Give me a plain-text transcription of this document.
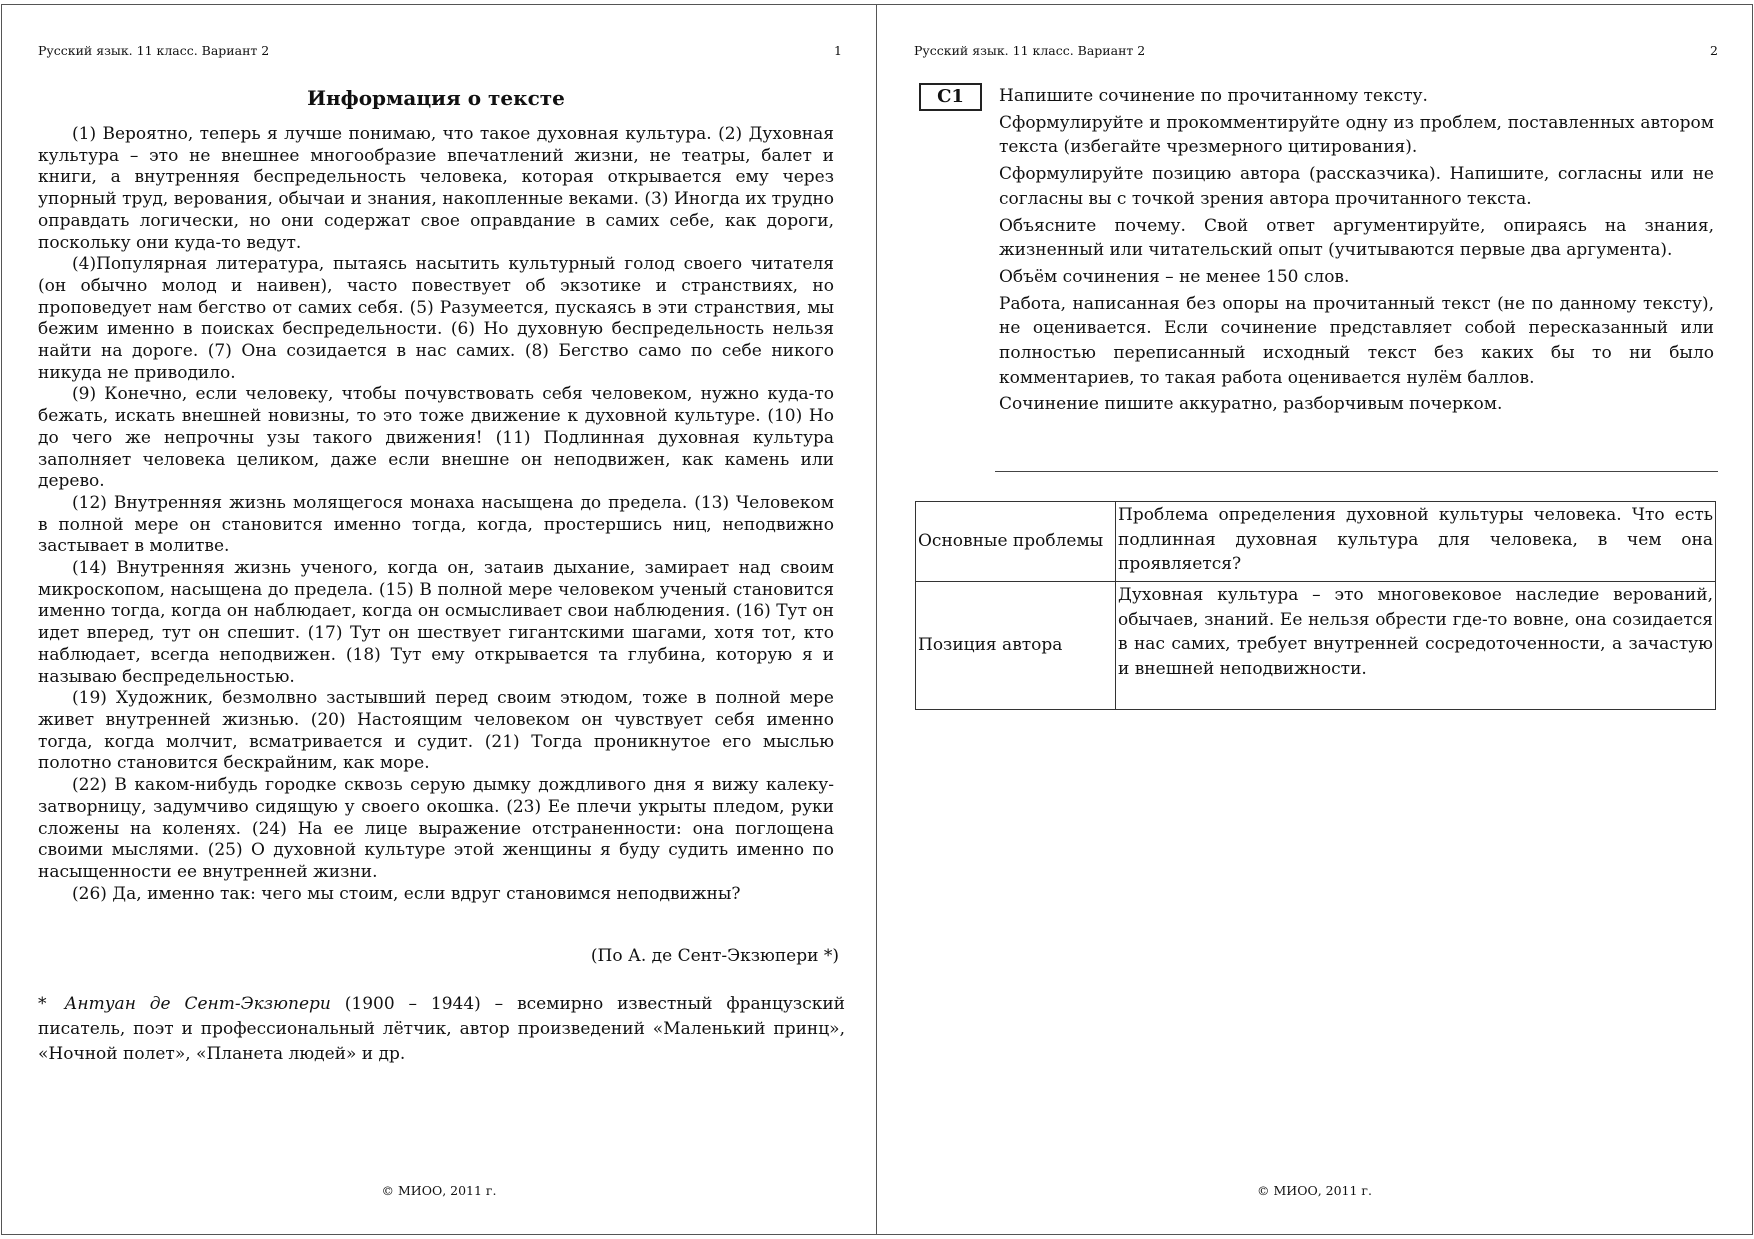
Русский язык. 11 класс. Вариант 2	1
Информация о тексте

(1) Вероятно, теперь я лучше понимаю, что такое духовная культура. (2) Духовная культура – это не внешнее многообразие впечатлений жизни, не театры, балет и книги, а внутренняя беспредельность человека, которая открывается ему через упорный труд, верования, обычаи и знания, накопленные веками. (3) Иногда их трудно оправдать логически, но они содержат свое оправдание в самих себе, как дороги, поскольку они куда-то ведут.

(4)Популярная литература, пытаясь насытить культурный голод своего читателя (он обычно молод и наивен), часто повествует об экзотике и странствиях, но проповедует нам бегство от самих себя. (5) Разумеется, пускаясь в эти странствия, мы бежим именно в поисках беспредельности. (6) Но духовную беспредельность нельзя найти на дороге. (7) Она созидается в нас самих. (8) Бегство само по себе никого никуда не приводило.

(9) Конечно, если человеку, чтобы почувствовать себя человеком, нужно куда-то бежать, искать внешней новизны, то это тоже движение к духовной культуре. (10) Но до чего же непрочны узы такого движения! (11) Подлинная духовная культура заполняет человека целиком, даже если внешне он неподвижен, как камень или дерево.

(12) Внутренняя жизнь молящегося монаха насыщена до предела. (13) Человеком в полной мере он становится именно тогда, когда, простершись ниц, неподвижно застывает в молитве.

(14) Внутренняя жизнь ученого, когда он, затаив дыхание, замирает над своим микроскопом, насыщена до предела. (15) В полной мере человеком ученый становится именно тогда, когда он наблюдает, когда он осмысливает свои наблюдения. (16) Тут он идет вперед, тут он спешит. (17) Тут он шествует гигантскими шагами, хотя тот, кто наблюдает, всегда неподвижен. (18) Тут ему открывается та глубина, которую я и называю беспредельностью.

(19) Художник, безмолвно застывший перед своим этюдом, тоже в полной мере живет внутренней жизнью. (20) Настоящим человеком он чувствует себя именно тогда, когда молчит, всматривается и судит. (21) Тогда проникнутое его мыслью полотно становится бескрайним, как море.

(22) В каком-нибудь городке сквозь серую дымку дождливого дня я вижу калеку-затворницу, задумчиво сидящую у своего окошка. (23) Ее плечи укрыты пледом, руки сложены на коленях. (24) На ее лице выражение отстраненности: она поглощена своими мыслями. (25) О духовной культуре этой женщины я буду судить именно по насыщенности ее внутренней жизни.

(26) Да, именно так: чего мы стоим, если вдруг становимся неподвижны?

(По А. де Сент-Экзюпери *)
* Антуан де Сент-Экзюпери (1900 – 1944) – всемирно известный французский писатель, поэт и профессиональный лётчик, автор произведений «Маленький принц», «Ночной полет», «Планета людей» и др.
© МИОО, 2011 г.
Русский язык. 11 класс. Вариант 2	2
С1	Напишите сочинение по прочитанному тексту.

Сформулируйте и прокомментируйте одну из проблем, поставленных автором текста (избегайте чрезмерного цитирования).

Сформулируйте позицию автора (рассказчика). Напишите, согласны или не согласны вы с точкой зрения автора прочитанного текста.

Объясните почему. Свой ответ аргументируйте, опираясь на знания, жизненный или читательский опыт (учитываются первые два аргумента).

Объём сочинения – не менее 150 слов.

Работа, написанная без опоры на прочитанный текст (не по данному тексту), не оценивается. Если сочинение представляет собой пересказанный или полностью переписанный исходный текст без каких бы то ни было комментариев, то такая работа оценивается нулём баллов.

Сочинение пишите аккуратно, разборчивым почерком.

Основные проблемы	Проблема определения духовной культуры человека. Что есть подлинная духовная культура для человека, в чем она проявляется?
Позиция автора	Духовная культура – это многовековое наследие верований, обычаев, знаний. Ее нельзя обрести где-то вовне, она созидается в нас самих, требует внутренней сосредоточенности, а зачастую и внешней неподвижности.
© МИОО, 2011 г.
